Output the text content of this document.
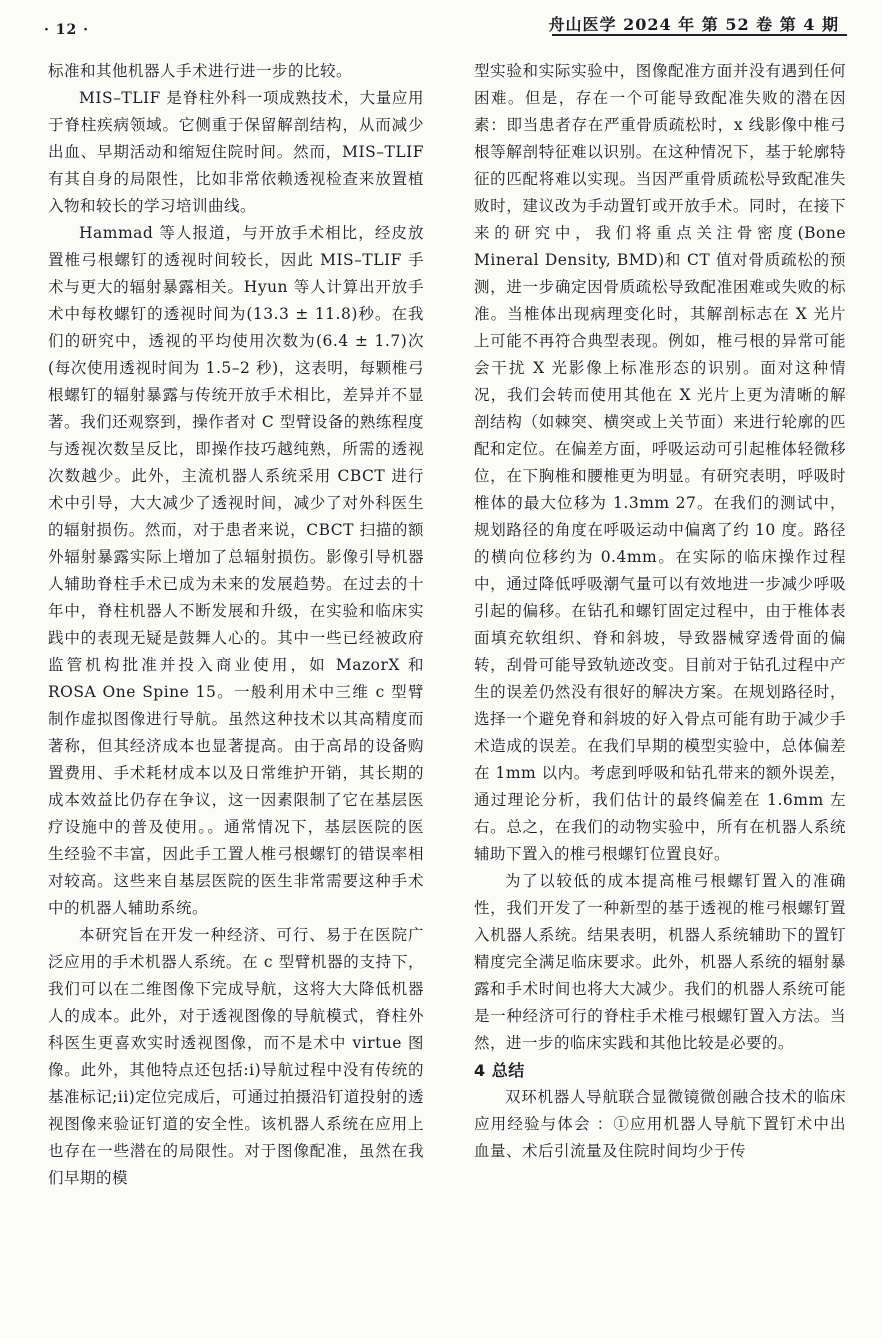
· 12 ·	舟山医学 2024 年 第 52 卷 第 4 期

标准和其他机器人手术进行进一步的比较。

MIS–TLIF 是脊柱外科一项成熟技术，大量应用于脊柱疾病领域。它侧重于保留解剖结构，从而减少出血、早期活动和缩短住院时间。然而，MIS–TLIF 有其自身的局限性，比如非常依赖透视检查来放置植入物和较长的学习培训曲线。

Hammad 等人报道，与开放手术相比，经皮放置椎弓根螺钉的透视时间较长，因此 MIS–TLIF 手术与更大的辐射暴露相关。Hyun 等人计算出开放手术中每枚螺钉的透视时间为(13.3 ± 11.8)秒。在我们的研究中，透视的平均使用次数为(6.4 ± 1.7)次(每次使用透视时间为 1.5–2 秒)，这表明，每颗椎弓根螺钉的辐射暴露与传统开放手术相比，差异并不显著。我们还观察到，操作者对 C 型臂设备的熟练程度与透视次数呈反比，即操作技巧越纯熟，所需的透视次数越少。此外，主流机器人系统采用 CBCT 进行术中引导，大大减少了透视时间，减少了对外科医生的辐射损伤。然而，对于患者来说，CBCT 扫描的额外辐射暴露实际上增加了总辐射损伤。影像引导机器人辅助脊柱手术已成为未来的发展趋势。在过去的十年中，脊柱机器人不断发展和升级，在实验和临床实践中的表现无疑是鼓舞人心的。其中一些已经被政府监管机构批准并投入商业使用，如 MazorX 和 ROSA One Spine 15。一般利用术中三维 c 型臂制作虚拟图像进行导航。虽然这种技术以其高精度而著称，但其经济成本也显著提高。由于高昂的设备购置费用、手术耗材成本以及日常维护开销，其长期的成本效益比仍存在争议，这一因素限制了它在基层医疗设施中的普及使用。。通常情况下，基层医院的医生经验不丰富，因此手工置人椎弓根螺钉的错误率相对较高。这些来自基层医院的医生非常需要这种手术中的机器人辅助系统。

本研究旨在开发一种经济、可行、易于在医院广泛应用的手术机器人系统。在 c 型臂机器的支持下，我们可以在二维图像下完成导航，这将大大降低机器人的成本。此外，对于透视图像的导航模式，脊柱外科医生更喜欢实时透视图像，而不是术中 virtue 图像。此外，其他特点还包括:i)导航过程中没有传统的基准标记;ii)定位完成后，可通过拍摄沿钉道投射的透视图像来验证钉道的安全性。该机器人系统在应用上也存在一些潜在的局限性。对于图像配准，虽然在我们早期的模

型实验和实际实验中，图像配准方面并没有遇到任何困难。但是，存在一个可能导致配准失败的潜在因素：即当患者存在严重骨质疏松时，x 线影像中椎弓根等解剖特征难以识别。在这种情况下，基于轮廓特征的匹配将难以实现。当因严重骨质疏松导致配准失败时，建议改为手动置钉或开放手术。同时，在接下来的研究中，我们将重点关注骨密度(Bone Mineral Density, BMD)和 CT 值对骨质疏松的预测，进一步确定因骨质疏松导致配准困难或失败的标准。当椎体出现病理变化时，其解剖标志在 X 光片上可能不再符合典型表现。例如，椎弓根的异常可能会干扰 X 光影像上标准形态的识别。面对这种情况，我们会转而使用其他在 X 光片上更为清晰的解剖结构（如棘突、横突或上关节面）来进行轮廓的匹配和定位。在偏差方面，呼吸运动可引起椎体轻微移位，在下胸椎和腰椎更为明显。有研究表明，呼吸时椎体的最大位移为 1.3mm 27。在我们的测试中，规划路径的角度在呼吸运动中偏离了约 10 度。路径的横向位移约为 0.4mm。在实际的临床操作过程中，通过降低呼吸潮气量可以有效地进一步减少呼吸引起的偏移。在钻孔和螺钉固定过程中，由于椎体表面填充软组织、脊和斜坡，导致器械穿透骨面的偏转，刮骨可能导致轨迹改变。目前对于钻孔过程中产生的误差仍然没有很好的解决方案。在规划路径时，选择一个避免脊和斜坡的好入骨点可能有助于减少手术造成的误差。在我们早期的模型实验中，总体偏差在 1mm 以内。考虑到呼吸和钻孔带来的额外误差，通过理论分析，我们估计的最终偏差在 1.6mm 左右。总之，在我们的动物实验中，所有在机器人系统辅助下置入的椎弓根螺钉位置良好。

为了以较低的成本提高椎弓根螺钉置入的准确性，我们开发了一种新型的基于透视的椎弓根螺钉置入机器人系统。结果表明，机器人系统辅助下的置钉精度完全满足临床要求。此外，机器人系统的辐射暴露和手术时间也将大大减少。我们的机器人系统可能是一种经济可行的脊柱手术椎弓根螺钉置入方法。当然，进一步的临床实践和其他比较是必要的。

4 总结

双环机器人导航联合显微镜微创融合技术的临床应用经验与体会 ：①应用机器人导航下置钉术中出血量、术后引流量及住院时间均少于传
